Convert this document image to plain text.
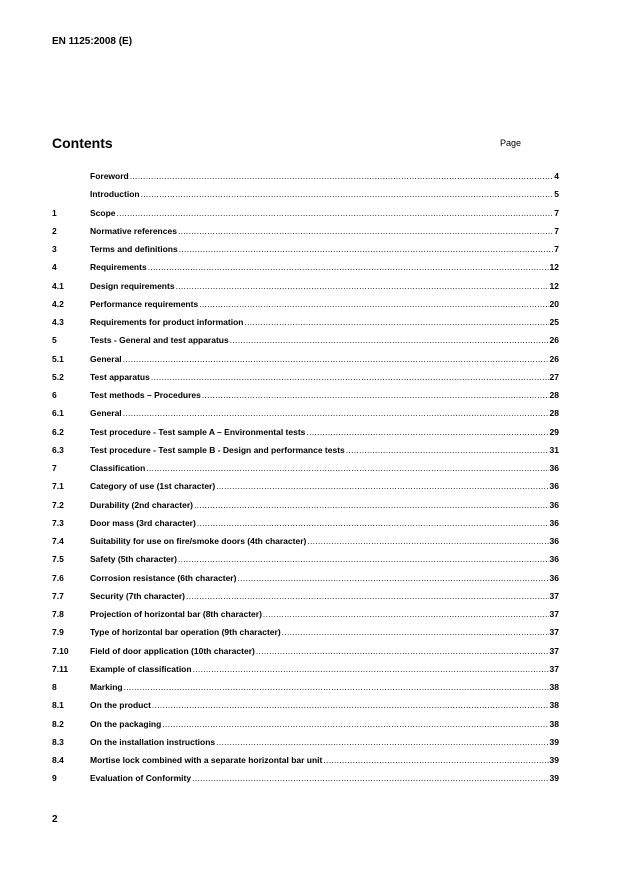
EN 1125:2008 (E)
Contents	Page
Foreword .....	4
Introduction .....	5
1	Scope .....	7
2	Normative references .....	7
3	Terms and definitions .....	7
4	Requirements .....	12
4.1	Design requirements .....	12
4.2	Performance requirements .....	20
4.3	Requirements for product information .....	25
5	Tests - General and test apparatus .....	26
5.1	General .....	26
5.2	Test apparatus .....	27
6	Test methods – Procedures .....	28
6.1	General .....	28
6.2	Test procedure - Test sample A – Environmental tests .....	29
6.3	Test procedure - Test sample B - Design and performance tests .....	31
7	Classification .....	36
7.1	Category of use (1st character) .....	36
7.2	Durability (2nd character) .....	36
7.3	Door mass (3rd character) .....	36
7.4	Suitability for use on fire/smoke doors (4th character) .....	36
7.5	Safety (5th character) .....	36
7.6	Corrosion resistance (6th character) .....	36
7.7	Security (7th character) .....	37
7.8	Projection of horizontal bar (8th character) .....	37
7.9	Type of horizontal bar operation (9th character) .....	37
7.10	Field of door application (10th character) .....	37
7.11	Example of classification .....	37
8	Marking .....	38
8.1	On the product .....	38
8.2	On the packaging .....	38
8.3	On the installation instructions .....	39
8.4	Mortise lock combined with a separate horizontal bar unit .....	39
9	Evaluation of Conformity .....	39
2
